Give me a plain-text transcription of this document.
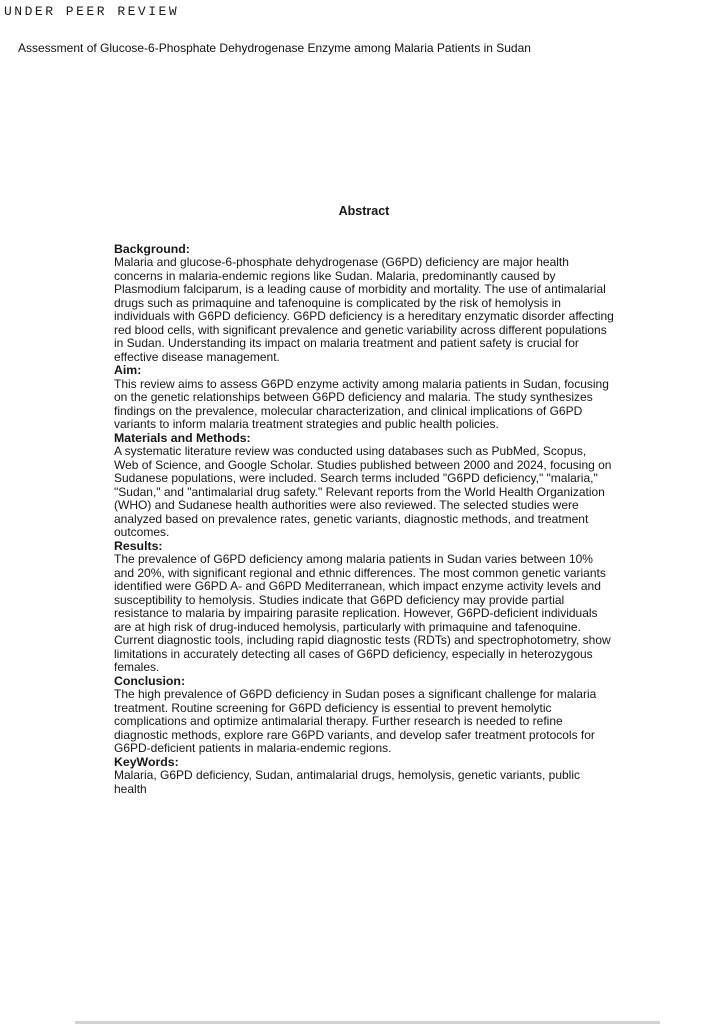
UNDER PEER REVIEW
Assessment of Glucose-6-Phosphate Dehydrogenase Enzyme among Malaria Patients in Sudan
Abstract
Background:

Malaria and glucose-6-phosphate dehydrogenase (G6PD) deficiency are major health concerns in malaria-endemic regions like Sudan. Malaria, predominantly caused by Plasmodium falciparum, is a leading cause of morbidity and mortality. The use of antimalarial drugs such as primaquine and tafenoquine is complicated by the risk of hemolysis in individuals with G6PD deficiency. G6PD deficiency is a hereditary enzymatic disorder affecting red blood cells, with significant prevalence and genetic variability across different populations in Sudan. Understanding its impact on malaria treatment and patient safety is crucial for effective disease management.

Aim:

This review aims to assess G6PD enzyme activity among malaria patients in Sudan, focusing on the genetic relationships between G6PD deficiency and malaria. The study synthesizes findings on the prevalence, molecular characterization, and clinical implications of G6PD variants to inform malaria treatment strategies and public health policies.

Materials and Methods:

A systematic literature review was conducted using databases such as PubMed, Scopus, Web of Science, and Google Scholar. Studies published between 2000 and 2024, focusing on Sudanese populations, were included. Search terms included "G6PD deficiency," "malaria," "Sudan," and "antimalarial drug safety." Relevant reports from the World Health Organization (WHO) and Sudanese health authorities were also reviewed. The selected studies were analyzed based on prevalence rates, genetic variants, diagnostic methods, and treatment outcomes.

Results:

The prevalence of G6PD deficiency among malaria patients in Sudan varies between 10% and 20%, with significant regional and ethnic differences. The most common genetic variants identified were G6PD A- and G6PD Mediterranean, which impact enzyme activity levels and susceptibility to hemolysis. Studies indicate that G6PD deficiency may provide partial resistance to malaria by impairing parasite replication. However, G6PD-deficient individuals are at high risk of drug-induced hemolysis, particularly with primaquine and tafenoquine. Current diagnostic tools, including rapid diagnostic tests (RDTs) and spectrophotometry, show limitations in accurately detecting all cases of G6PD deficiency, especially in heterozygous females.

Conclusion:

The high prevalence of G6PD deficiency in Sudan poses a significant challenge for malaria treatment. Routine screening for G6PD deficiency is essential to prevent hemolytic complications and optimize antimalarial therapy. Further research is needed to refine diagnostic methods, explore rare G6PD variants, and develop safer treatment protocols for G6PD-deficient patients in malaria-endemic regions.

KeyWords:

Malaria, G6PD deficiency, Sudan, antimalarial drugs, hemolysis, genetic variants, public health
